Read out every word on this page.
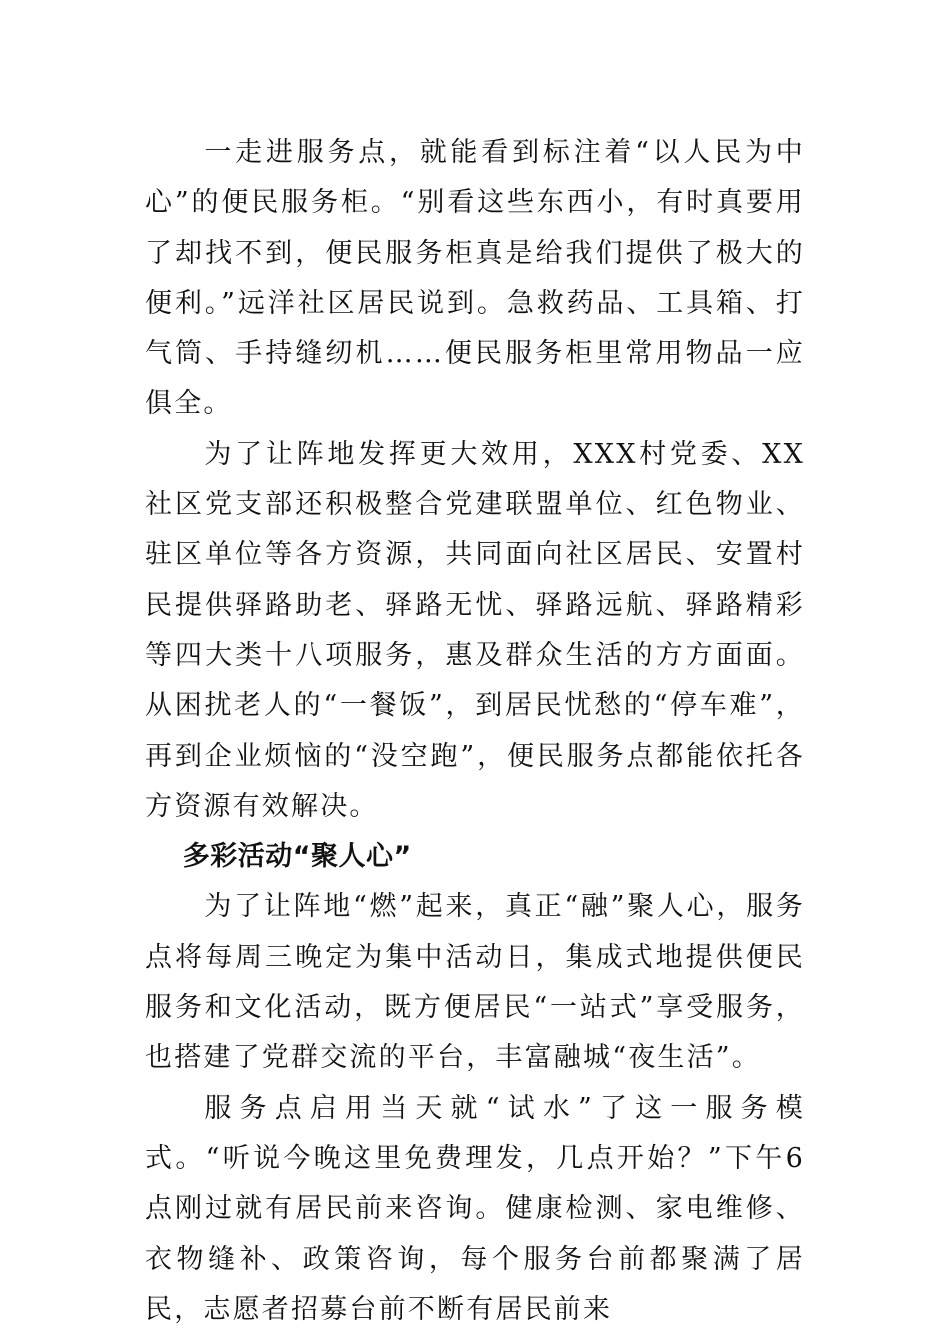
一走进服务点，就能看到标注着“以人民为中心”的便民服务柜。“别看这些东西小，有时真要用了却找不到，便民服务柜真是给我们提供了极大的便利。”远洋社区居民说到。急救药品、工具箱、打气筒、手持缝纫机……便民服务柜里常用物品一应俱全。

为了让阵地发挥更大效用，XXX村党委、XX社区党支部还积极整合党建联盟单位、红色物业、驻区单位等各方资源，共同面向社区居民、安置村民提供驿路助老、驿路无忧、驿路远航、驿路精彩等四大类十八项服务，惠及群众生活的方方面面。从困扰老人的“一餐饭”，到居民忧愁的“停车难”，再到企业烦恼的“没空跑”，便民服务点都能依托各方资源有效解决。

多彩活动“聚人心”

为了让阵地“燃”起来，真正“融”聚人心，服务点将每周三晚定为集中活动日，集成式地提供便民服务和文化活动，既方便居民“一站式”享受服务，也搭建了党群交流的平台，丰富融城“夜生活”。

服务点启用当天就“试水”了这一服务模式。“听说今晚这里免费理发，几点开始？”下午6点刚过就有居民前来咨询。健康检测、家电维修、衣物缝补、政策咨询，每个服务台前都聚满了居民，志愿者招募台前不断有居民前来
